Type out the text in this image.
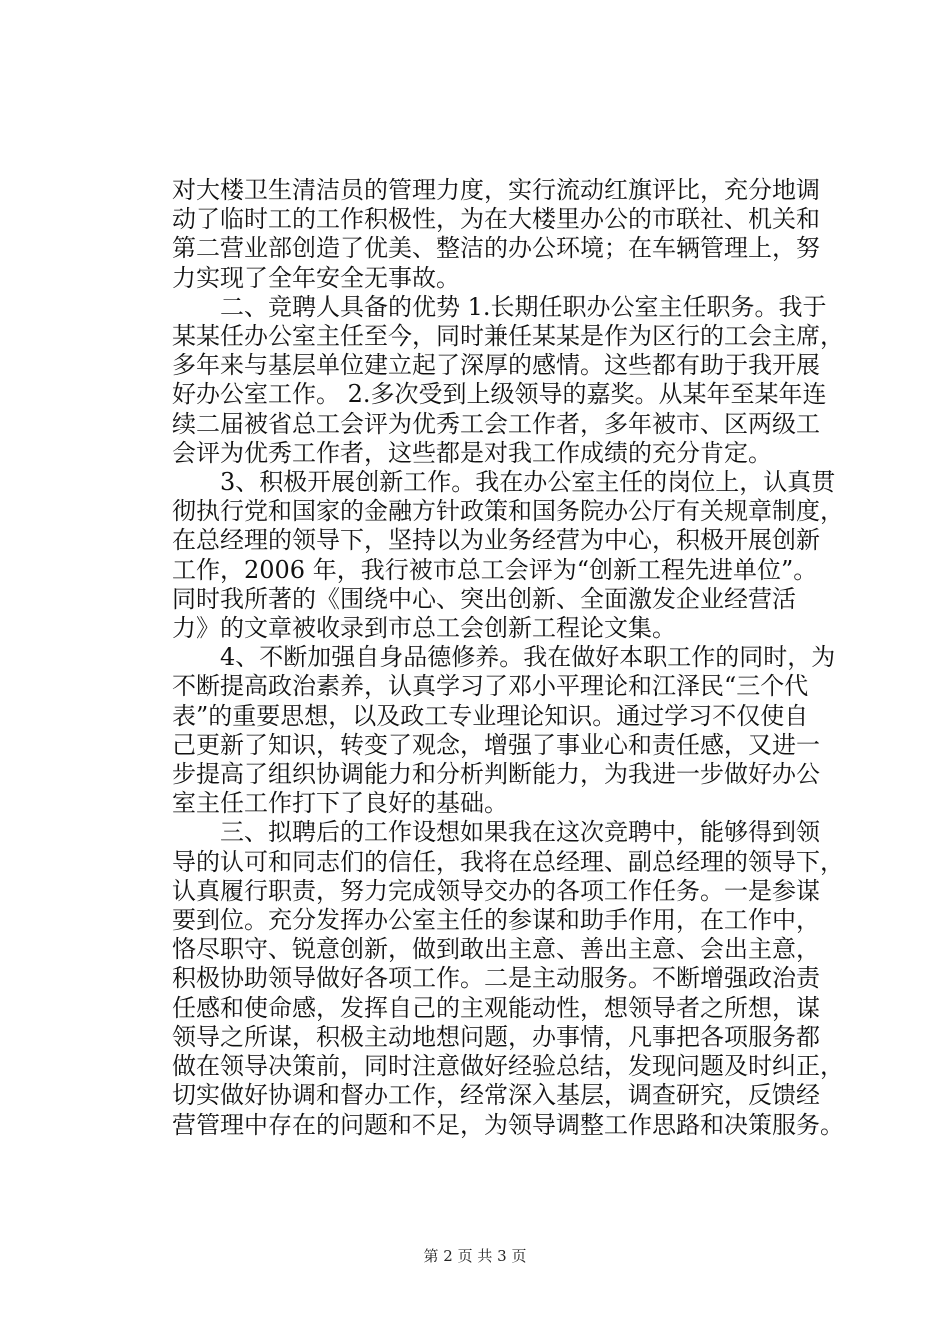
对大楼卫生清洁员的管理力度，实行流动红旗评比，充分地调
动了临时工的工作积极性，为在大楼里办公的市联社、机关和
第二营业部创造了优美、整洁的办公环境；在车辆管理上，努
力实现了全年安全无事故。
　　二、竞聘人具备的优势 1.长期任职办公室主任职务。我于
某某任办公室主任至今，同时兼任某某是作为区行的工会主席，
多年来与基层单位建立起了深厚的感情。这些都有助于我开展
好办公室工作。 2.多次受到上级领导的嘉奖。从某年至某年连
续二届被省总工会评为优秀工会工作者，多年被市、区两级工
会评为优秀工作者，这些都是对我工作成绩的充分肯定。
　　3、积极开展创新工作。我在办公室主任的岗位上，认真贯
彻执行党和国家的金融方针政策和国务院办公厅有关规章制度，
在总经理的领导下，坚持以为业务经营为中心，积极开展创新
工作，2006 年，我行被市总工会评为“创新工程先进单位”。
同时我所著的《围绕中心、突出创新、全面激发企业经营活
力》的文章被收录到市总工会创新工程论文集。
　　4、不断加强自身品德修养。我在做好本职工作的同时，为
不断提高政治素养，认真学习了邓小平理论和江泽民“三个代
表”的重要思想，以及政工专业理论知识。通过学习不仅使自
己更新了知识，转变了观念，增强了事业心和责任感，又进一
步提高了组织协调能力和分析判断能力，为我进一步做好办公
室主任工作打下了良好的基础。
　　三、拟聘后的工作设想如果我在这次竞聘中，能够得到领
导的认可和同志们的信任，我将在总经理、副总经理的领导下，
认真履行职责，努力完成领导交办的各项工作任务。一是参谋
要到位。充分发挥办公室主任的参谋和助手作用，在工作中，
恪尽职守、锐意创新，做到敢出主意、善出主意、会出主意，
积极协助领导做好各项工作。二是主动服务。不断增强政治责
任感和使命感，发挥自己的主观能动性，想领导者之所想，谋
领导之所谋，积极主动地想问题，办事情，凡事把各项服务都
做在领导决策前，同时注意做好经验总结，发现问题及时纠正，
切实做好协调和督办工作，经常深入基层，调查研究，反馈经
营管理中存在的问题和不足，为领导调整工作思路和决策服务。

第 2 页 共 3 页
